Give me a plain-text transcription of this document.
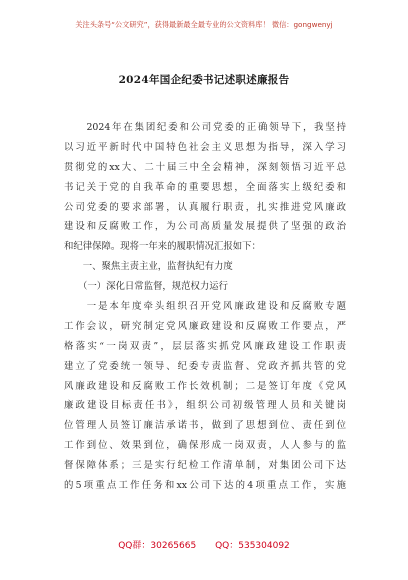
关注头条号“公文研究”，获得最新最全最专业的公文资料库！ 微信：gongwenyj
2024年国企纪委书记述职述廉报告
　　2024年在集团纪委和公司党委的正确领导下，我坚持
以习近平新时代中国特色社会主义思想为指导，深入学习
贯彻党的xx大、二十届三中全会精神，深刻领悟习近平总
书记关于党的自我革命的重要思想，全面落实上级纪委和
公司党委的要求部署，认真履行职责，扎实推进党风廉政
建设和反腐败工作，为公司高质量发展提供了坚强的政治
和纪律保障。现将一年来的履职情况汇报如下：
　　一、聚焦主责主业，监督执纪有力度
　　（一）深化日常监督，规范权力运行
　　一是本年度牵头组织召开党风廉政建设和反腐败专题
工作会议，研究制定党风廉政建设和反腐败工作要点，严
格落实“一岗双责”，层层落实抓党风廉政建设工作职责
建立了党委统一领导、纪委专责监督、党政齐抓共管的党
风廉政建设和反腐败工作长效机制；二是签订年度《党风
廉政建设目标责任书》，组织公司初级管理人员和关键岗
位管理人员签订廉洁承诺书，做到了思想到位、责任到位
工作到位、效果到位，确保形成一岗双责，人人参与的监
督保障体系；三是实行纪检工作清单制，对集团公司下达
的5项重点工作任务和xx公司下达的4项重点工作，实施
QQ群：30265665 QQ：535304092
